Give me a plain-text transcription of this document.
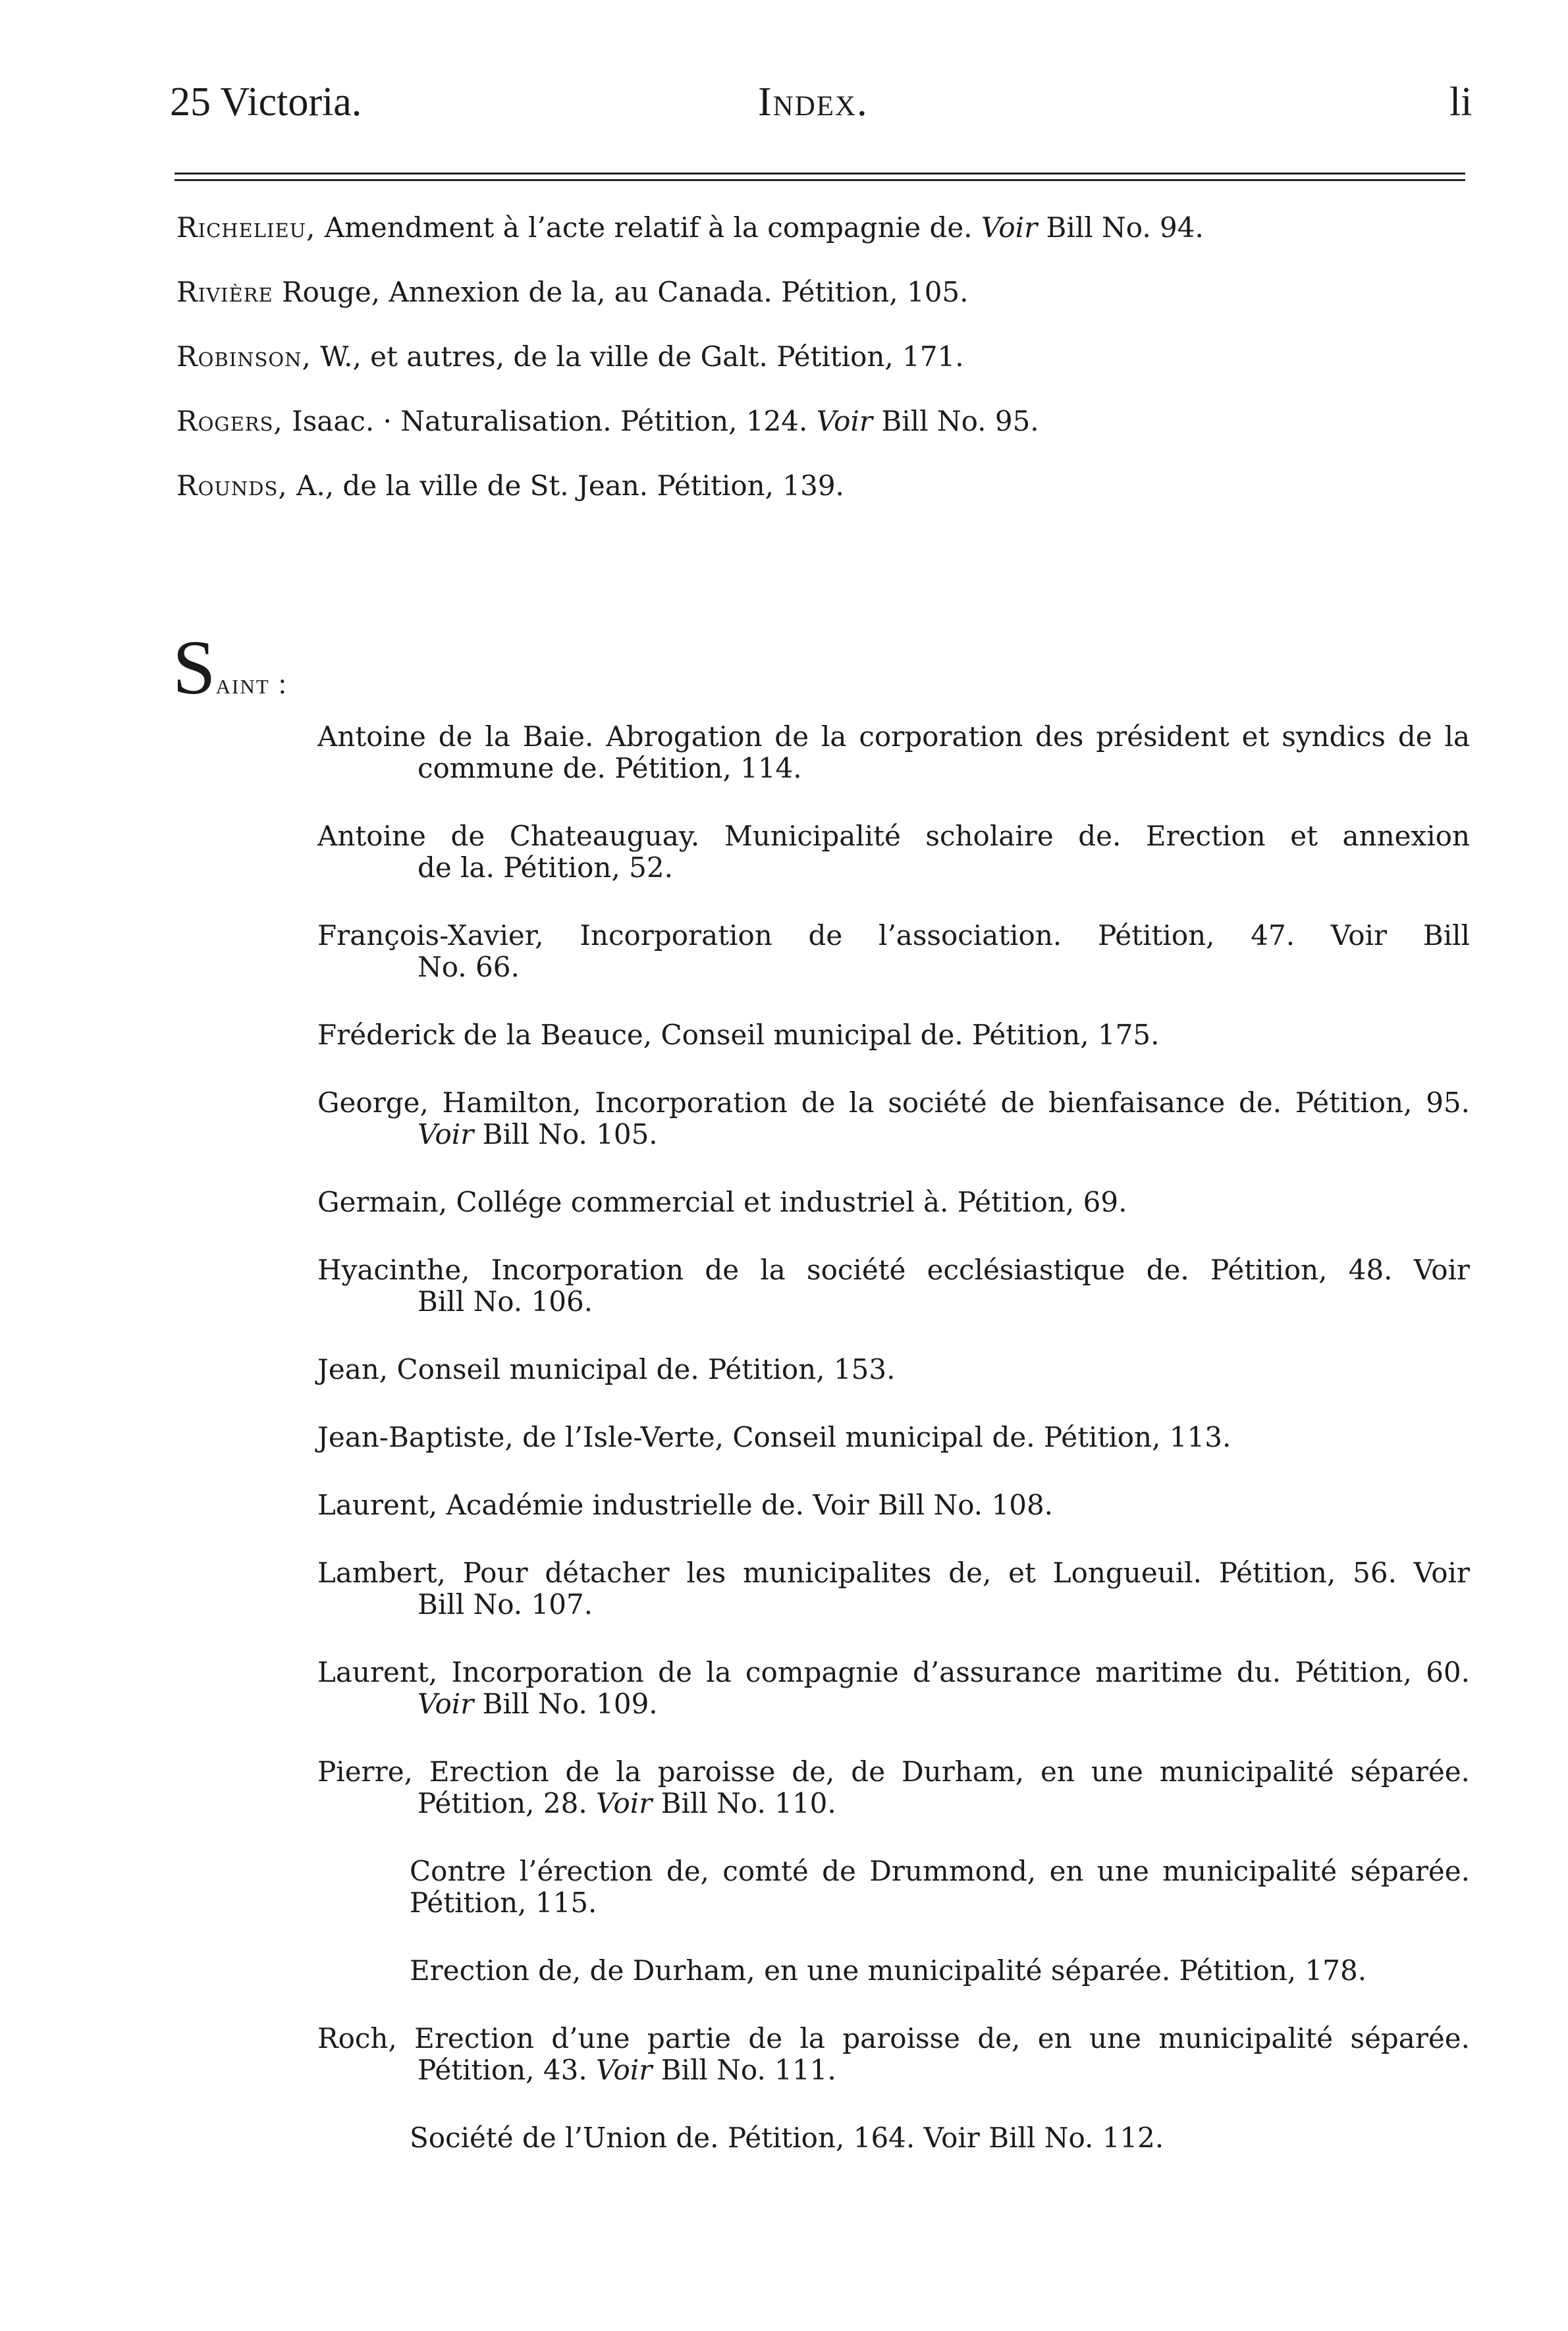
25 Victoria.	Index.	li
Richelieu, Amendment à l’acte relatif à la compagnie de. Voir Bill No. 94.
Rivière Rouge, Annexion de la, au Canada. Pétition, 105.
Robinson, W., et autres, de la ville de Galt. Pétition, 171.
Rogers, Isaac. · Naturalisation. Pétition, 124. Voir Bill No. 95.
Rounds, A., de la ville de St. Jean. Pétition, 139.
Saint :
Antoine de la Baie. Abrogation de la corporation des président et syndics de la
commune de. Pétition, 114.
Antoine de Chateauguay. Municipalité scholaire de. Erection et annexion
de la. Pétition, 52.
François-Xavier, Incorporation de l’association. Pétition, 47. Voir Bill
No. 66.
Fréderick de la Beauce, Conseil municipal de. Pétition, 175.
George, Hamilton, Incorporation de la société de bienfaisance de. Pétition, 95.
Voir Bill No. 105.
Germain, Collége commercial et industriel à. Pétition, 69.
Hyacinthe, Incorporation de la société ecclésiastique de. Pétition, 48. Voir
Bill No. 106.
Jean, Conseil municipal de. Pétition, 153.
Jean-Baptiste, de l’Isle-Verte, Conseil municipal de. Pétition, 113.
Laurent, Académie industrielle de. Voir Bill No. 108.
Lambert, Pour détacher les municipalites de, et Longueuil. Pétition, 56. Voir
Bill No. 107.
Laurent, Incorporation de la compagnie d’assurance maritime du. Pétition, 60.
Voir Bill No. 109.
Pierre, Erection de la paroisse de, de Durham, en une municipalité séparée.
Pétition, 28. Voir Bill No. 110.
Contre l’érection de, comté de Drummond, en une municipalité séparée.
Pétition, 115.
Erection de, de Durham, en une municipalité séparée. Pétition, 178.
Roch, Erection d’une partie de la paroisse de, en une municipalité séparée.
Pétition, 43. Voir Bill No. 111.
Société de l’Union de. Pétition, 164. Voir Bill No. 112.
